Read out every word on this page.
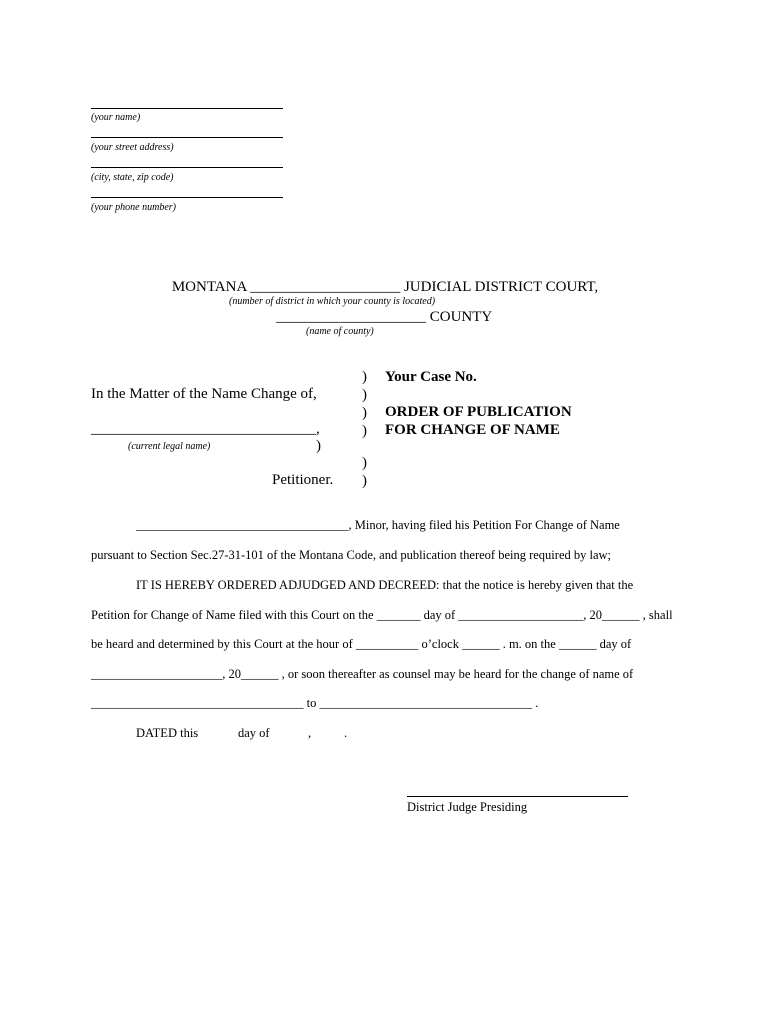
(your name)
(your street address)
(city, state, zip code)
(your phone number)
MONTANA ____________________ JUDICIAL DISTRICT COURT,
(number of district in which your county is located)
____________________ COUNTY
(name of county)
)
)
)
)
)
)
)
In the Matter of the Name Change of,
______________________________,
(current legal name)
Petitioner.
Your Case No.
ORDER OF PUBLICATION
FOR CHANGE OF NAME
__________________________________, Minor, having filed his Petition For Change of Name
pursuant to Section Sec.27-31-101 of the Montana Code, and publication thereof being required by law;
IT IS HEREBY ORDERED ADJUDGED AND DECREED: that the notice is hereby given that the
Petition for Change of Name filed with this Court on the _______ day of ____________________, 20______ , shall
be heard and determined by this Court at the hour of __________ o’clock ______ . m. on the ______ day of
_____________________, 20______ , or soon thereafter as counsel may be heard for the change of name of
__________________________________ to __________________________________ .
DATED this	day of	,	.
District Judge Presiding
